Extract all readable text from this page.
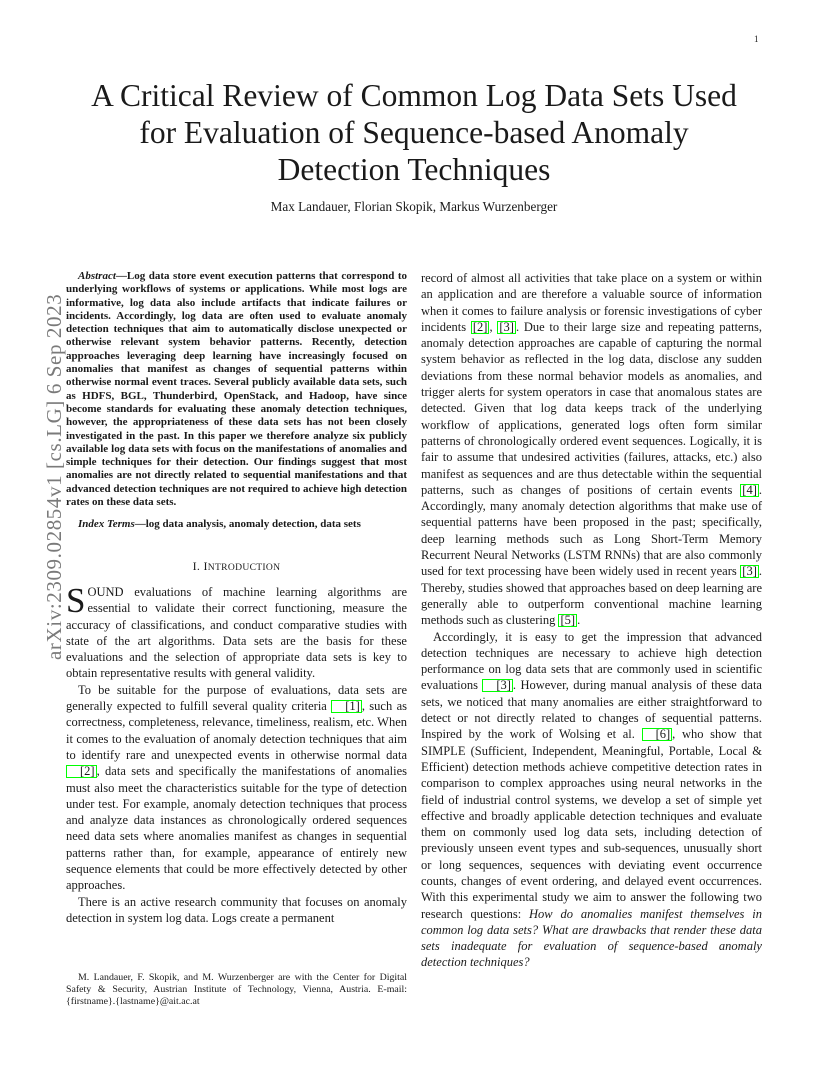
1
arXiv:2309.02854v1 [cs.LG] 6 Sep 2023
A Critical Review of Common Log Data Sets Used
for Evaluation of Sequence-based Anomaly
Detection Techniques
Max Landauer, Florian Skopik, Markus Wurzenberger

Abstract—Log data store event execution patterns that correspond to underlying workflows of systems or applications. While most logs are informative, log data also include artifacts that indicate failures or incidents. Accordingly, log data are often used to evaluate anomaly detection techniques that aim to automatically disclose unexpected or otherwise relevant system behavior patterns. Recently, detection approaches leveraging deep learning have increasingly focused on anomalies that manifest as changes of sequential patterns within otherwise normal event traces. Several publicly available data sets, such as HDFS, BGL, Thunderbird, OpenStack, and Hadoop, have since become standards for evaluating these anomaly detection techniques, however, the appropriateness of these data sets has not been closely investigated in the past. In this paper we therefore analyze six publicly available log data sets with focus on the manifestations of anomalies and simple techniques for their detection. Our findings suggest that most anomalies are not directly related to sequential manifestations and that advanced detection techniques are not required to achieve high detection rates on these data sets.

Index Terms—log data analysis, anomaly detection, data sets

I. INTRODUCTION

SOUND evaluations of machine learning algorithms are essential to validate their correct functioning, measure the accuracy of classifications, and conduct comparative studies with state of the art algorithms. Data sets are the basis for these evaluations and the selection of appropriate data sets is key to obtain representative results with general validity.

To be suitable for the purpose of evaluations, data sets are generally expected to fulfill several quality criteria [1] , such as correctness, completeness, relevance, timeliness, realism, etc. When it comes to the evaluation of anomaly detection techniques that aim to identify rare and unexpected events in otherwise normal data [2] , data sets and specifically the manifestations of anomalies must also meet the characteristics suitable for the type of detection under test. For example, anomaly detection techniques that process and analyze data instances as chronologically ordered sequences need data sets where anomalies manifest as changes in sequential patterns rather than, for example, appearance of entirely new sequence elements that could be more effectively detected by other approaches.

There is an active research community that focuses on anomaly detection in system log data. Logs create a permanent

M. Landauer, F. Skopik, and M. Wurzenberger are with the Center for Digital Safety & Security, Austrian Institute of Technology, Vienna, Austria. E-mail: {firstname}.{lastname}@ait.ac.at

record of almost all activities that take place on a system or within an application and are therefore a valuable source of information when it comes to failure analysis or forensic investigations of cyber incidents [2] , [3] . Due to their large size and repeating patterns, anomaly detection approaches are capable of capturing the normal system behavior as reflected in the log data, disclose any sudden deviations from these normal behavior models as anomalies, and trigger alerts for system operators in case that anomalous states are detected. Given that log data keeps track of the underlying workflow of applications, generated logs often form similar patterns of chronologically ordered event sequences. Logically, it is fair to assume that undesired activities (failures, attacks, etc.) also manifest as sequences and are thus detectable within the sequential patterns, such as changes of positions of certain events [4] . Accordingly, many anomaly detection algorithms that make use of sequential patterns have been proposed in the past; specifically, deep learning methods such as Long Short-Term Memory Recurrent Neural Networks (LSTM RNNs) that are also commonly used for text processing have been widely used in recent years [3] . Thereby, studies showed that approaches based on deep learning are generally able to outperform conventional machine learning methods such as clustering [5] .

Accordingly, it is easy to get the impression that advanced detection techniques are necessary to achieve high detection performance on log data sets that are commonly used in scientific evaluations [3] . However, during manual analysis of these data sets, we noticed that many anomalies are either straightforward to detect or not directly related to changes of sequential patterns. Inspired by the work of Wolsing et al. [6] , who show that SIMPLE (Sufficient, Independent, Meaningful, Portable, Local & Efficient) detection methods achieve competitive detection rates in comparison to complex approaches using neural networks in the field of industrial control systems, we develop a set of simple yet effective and broadly applicable detection techniques and evaluate them on commonly used log data sets, including detection of previously unseen event types and sub-sequences, unusually short or long sequences, sequences with deviating event occurrence counts, changes of event ordering, and delayed event occurrences. With this experimental study we aim to answer the following two research questions: How do anomalies manifest themselves in common log data sets? What are drawbacks that render these data sets inadequate for evaluation of sequence-based anomaly detection techniques?
